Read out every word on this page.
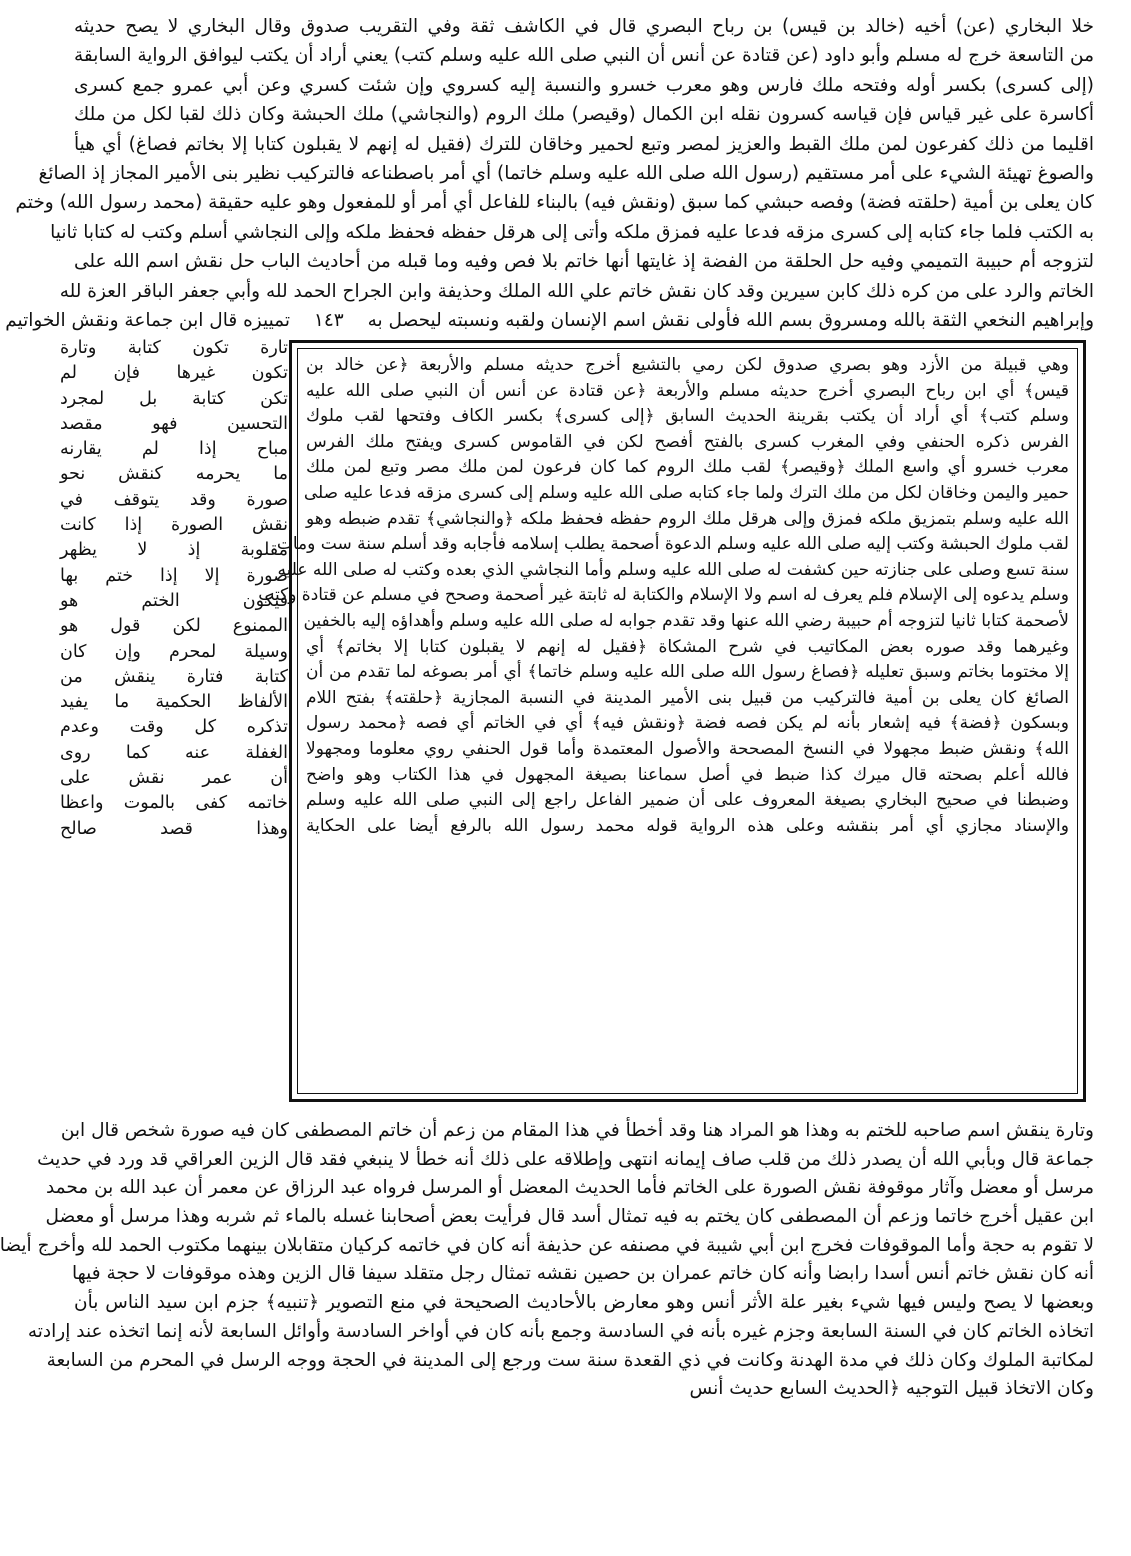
خلا البخاري (عن) أخيه (خالد بن قيس) بن رباح البصري قال في الكاشف ثقة وفي التقريب صدوق وقال البخاري لا يصح حديثه
من التاسعة خرج له مسلم وأبو داود (عن قتادة عن أنس أن النبي صلى الله عليه وسلم كتب) يعني أراد أن يكتب ليوافق الرواية السابقة
(إلى كسرى) بكسر أوله وفتحه ملك فارس وهو معرب خسرو والنسبة إليه كسروي وإن شئت كسري وعن أبي عمرو جمع كسرى
أكاسرة على غير قياس فإن قياسه كسرون نقله ابن الكمال (وقيصر) ملك الروم (والنجاشي) ملك الحبشة وكان ذلك لقبا لكل من ملك
اقليما من ذلك كفرعون لمن ملك القبط والعزيز لمصر وتبع لحمير وخاقان للترك (فقيل له إنهم لا يقبلون كتابا إلا بخاتم فصاغ) أي هيأ
والصوغ تهيئة الشيء على أمر مستقيم (رسول الله صلى الله عليه وسلم خاتما) أي أمر باصطناعه فالتركيب نظير بنى الأمير المجاز إذ الصائغ
كان يعلى بن أمية (حلقته فضة) وفصه حبشي كما سبق (ونقش فيه) بالبناء للفاعل أي أمر أو للمفعول وهو عليه حقيقة (محمد رسول الله) وختم
به الكتب فلما جاء كتابه إلى كسرى مزقه فدعا عليه فمزق ملكه وأتى إلى هرقل حفظه فحفظ ملكه وإلى النجاشي أسلم وكتب له كتابا ثانيا
لتزوجه أم حبيبة التميمي وفيه حل الحلقة من الفضة إذ غايتها أنها خاتم بلا فص وفيه وما قبله من أحاديث الباب حل نقش اسم الله على
الخاتم والرد على من كره ذلك كابن سيرين وقد كان نقش خاتم علي الله الملك وحذيفة وابن الجراح الحمد لله وأبي جعفر الباقر العزة لله
وإبراهيم النخعي الثقة بالله ومسروق بسم الله فأولى نقش اسم الإنسان ولقبه ونسبته ليحصل به ١٤٣ تمييزه قال ابن جماعة ونقش الخواتيم
تارة تكون كتابة وتارة
تكون غيرها فإن لم
تكن كتابة بل لمجرد
التحسين فهو مقصد
مباح إذا لم يقارنه
ما يحرمه كنقش نحو
صورة وقد يتوقف في
نقش الصورة إذا كانت
مقلوبة إذ لا يظهر
صورة إلا إذا ختم بها
فيكون الختم هو
الممنوع لكن قول هو
وسيلة لمحرم وإن كان
كتابة فتارة ينقش من
الألفاظ الحكمية ما يفيد
تذكره كل وقت وعدم
الغفلة عنه كما روى
أن عمر نقش على
خاتمه كفى بالموت واعظا
وهذا قصد صالح
وهي قبيلة من الأزد وهو بصري صدوق لكن رمي بالتشيع أخرج حديثه مسلم والأربعة ﴿عن خالد بن
قيس﴾ أي ابن رباح البصري أخرج حديثه مسلم والأربعة ﴿عن قتادة عن أنس أن النبي صلى الله عليه
وسلم كتب﴾ أي أراد أن يكتب بقرينة الحديث السابق ﴿إلى كسرى﴾ بكسر الكاف وفتحها لقب ملوك
الفرس ذكره الحنفي وفي المغرب كسرى بالفتح أفصح لكن في القاموس كسرى ويفتح ملك الفرس
معرب خسرو أي واسع الملك ﴿وقيصر﴾ لقب ملك الروم كما كان فرعون لمن ملك مصر وتبع لمن ملك
حمير واليمن وخاقان لكل من ملك الترك ولما جاء كتابه صلى الله عليه وسلم إلى كسرى مزقه فدعا عليه صلى
الله عليه وسلم بتمزيق ملكه فمزق وإلى هرقل ملك الروم حفظه فحفظ ملكه ﴿والنجاشي﴾ تقدم ضبطه وهو
لقب ملوك الحبشة وكتب إليه صلى الله عليه وسلم الدعوة أصحمة يطلب إسلامه فأجابه وقد أسلم سنة ست ومات
سنة تسع وصلى على جنازته حين كشفت له صلى الله عليه وسلم وأما النجاشي الذي بعده وكتب له صلى الله عليه
وسلم يدعوه إلى الإسلام فلم يعرف له اسم ولا الإسلام والكتابة له ثابتة غير أصحمة وصحح في مسلم عن قتادة وكتب
لأصحمة كتابا ثانيا لتزوجه أم حبيبة رضي الله عنها وقد تقدم جوابه له صلى الله عليه وسلم وأهداؤه إليه بالخفين
وغيرهما وقد صوره بعض المكاتيب في شرح المشكاة ﴿فقيل له إنهم لا يقبلون كتابا إلا بخاتم﴾ أي
إلا مختوما بخاتم وسبق تعليله ﴿فصاغ رسول الله صلى الله عليه وسلم خاتما﴾ أي أمر بصوغه لما تقدم من أن
الصائغ كان يعلى بن أمية فالتركيب من قبيل بنى الأمير المدينة في النسبة المجازية ﴿حلقته﴾ بفتح اللام
وبسكون ﴿فضة﴾ فيه إشعار بأنه لم يكن فصه فضة ﴿ونقش فيه﴾ أي في الخاتم أي فصه ﴿محمد رسول
الله﴾ ونقش ضبط مجهولا في النسخ المصححة والأصول المعتمدة وأما قول الحنفي روي معلوما ومجهولا
فالله أعلم بصحته قال ميرك كذا ضبط في أصل سماعنا بصيغة المجهول في هذا الكتاب وهو واضح
وضبطنا في صحيح البخاري بصيغة المعروف على أن ضمير الفاعل راجع إلى النبي صلى الله عليه وسلم
والإسناد مجازي أي أمر بنقشه وعلى هذه الرواية قوله محمد رسول الله بالرفع أيضا على الحكاية
وتارة ينقش اسم صاحبه للختم به وهذا هو المراد هنا وقد أخطأ في هذا المقام من زعم أن خاتم المصطفى كان فيه صورة شخص قال ابن
جماعة قال وبأبي الله أن يصدر ذلك من قلب صاف إيمانه انتهى وإطلاقه على ذلك أنه خطأ لا ينبغي فقد قال الزين العراقي قد ورد في حديث
مرسل أو معضل وآثار موقوفة نقش الصورة على الخاتم فأما الحديث المعضل أو المرسل فرواه عبد الرزاق عن معمر أن عبد الله بن محمد
ابن عقيل أخرج خاتما وزعم أن المصطفى كان يختم به فيه تمثال أسد قال فرأيت بعض أصحابنا غسله بالماء ثم شربه وهذا مرسل أو معضل
لا تقوم به حجة وأما الموقوفات فخرج ابن أبي شيبة في مصنفه عن حذيفة أنه كان في خاتمه كركيان متقابلان بينهما مكتوب الحمد لله وأخرج أيضا
أنه كان نقش خاتم أنس أسدا رابضا وأنه كان خاتم عمران بن حصين نقشه تمثال رجل متقلد سيفا قال الزين وهذه موقوفات لا حجة فيها
وبعضها لا يصح وليس فيها شيء بغير علة الأثر أنس وهو معارض بالأحاديث الصحيحة في منع التصوير ﴿تنبيه﴾ جزم ابن سيد الناس بأن
اتخاذه الخاتم كان في السنة السابعة وجزم غيره بأنه في السادسة وجمع بأنه كان في أواخر السادسة وأوائل السابعة لأنه إنما اتخذه عند إرادته
لمكاتبة الملوك وكان ذلك في مدة الهدنة وكانت في ذي القعدة سنة ست ورجع إلى المدينة في الحجة ووجه الرسل في المحرم من السابعة
وكان الاتخاذ قبيل التوجيه ﴿الحديث السابع حديث أنس
